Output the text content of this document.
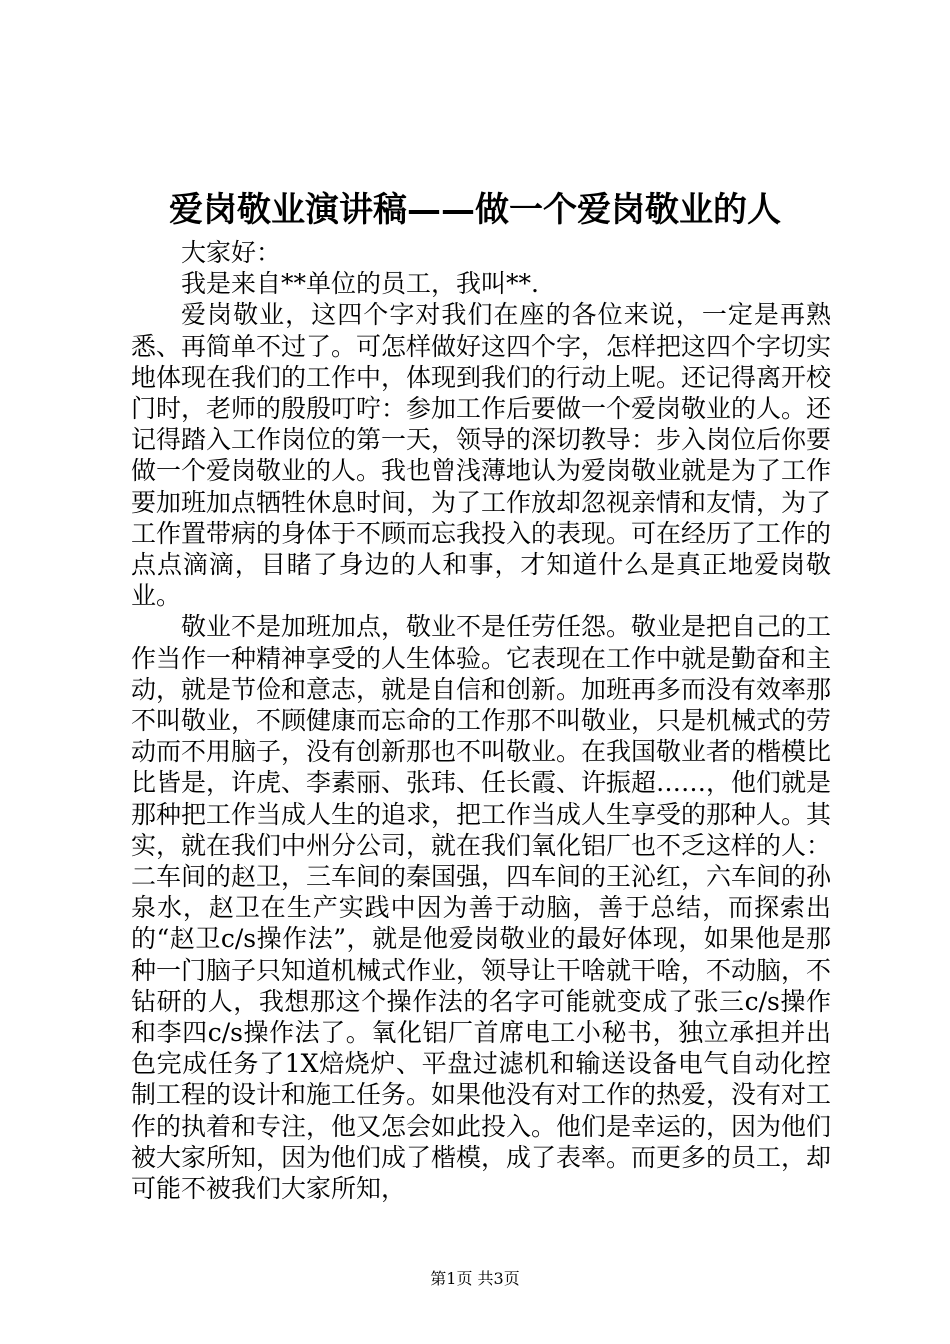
爱岗敬业演讲稿——做一个爱岗敬业的人

大家好：

我是来自**单位的员工，我叫**.

爱岗敬业，这四个字对我们在座的各位来说，一定是再熟悉、再简单不过了。可怎样做好这四个字，怎样把这四个字切实地体现在我们的工作中，体现到我们的行动上呢。还记得离开校门时，老师的殷殷叮咛：参加工作后要做一个爱岗敬业的人。还记得踏入工作岗位的第一天，领导的深切教导：步入岗位后你要做一个爱岗敬业的人。我也曾浅薄地认为爱岗敬业就是为了工作要加班加点牺牲休息时间，为了工作放却忽视亲情和友情，为了工作置带病的身体于不顾而忘我投入的表现。可在经历了工作的点点滴滴，目睹了身边的人和事，才知道什么是真正地爱岗敬业。

敬业不是加班加点，敬业不是任劳任怨。敬业是把自己的工作当作一种精神享受的人生体验。它表现在工作中就是勤奋和主动，就是节俭和意志，就是自信和创新。加班再多而没有效率那不叫敬业，不顾健康而忘命的工作那不叫敬业，只是机械式的劳动而不用脑子，没有创新那也不叫敬业。在我国敬业者的楷模比比皆是，许虎、李素丽、张玮、任长霞、许振超……，他们就是那种把工作当成人生的追求，把工作当成人生享受的那种人。其实，就在我们中州分公司，就在我们氧化铝厂也不乏这样的人：二车间的赵卫，三车间的秦国强，四车间的王沁红，六车间的孙泉水，赵卫在生产实践中因为善于动脑，善于总结，而探索出的“赵卫c/s操作法”，就是他爱岗敬业的最好体现，如果他是那种一门脑子只知道机械式作业，领导让干啥就干啥，不动脑，不钻研的人，我想那这个操作法的名字可能就变成了张三c/s操作和李四c/s操作法了。氧化铝厂首席电工小秘书，独立承担并出色完成任务了1X焙烧炉、平盘过滤机和输送设备电气自动化控制工程的设计和施工任务。如果他没有对工作的热爱，没有对工作的执着和专注，他又怎会如此投入。他们是幸运的，因为他们被大家所知，因为他们成了楷模，成了表率。而更多的员工，却可能不被我们大家所知，

第1页 共3页
